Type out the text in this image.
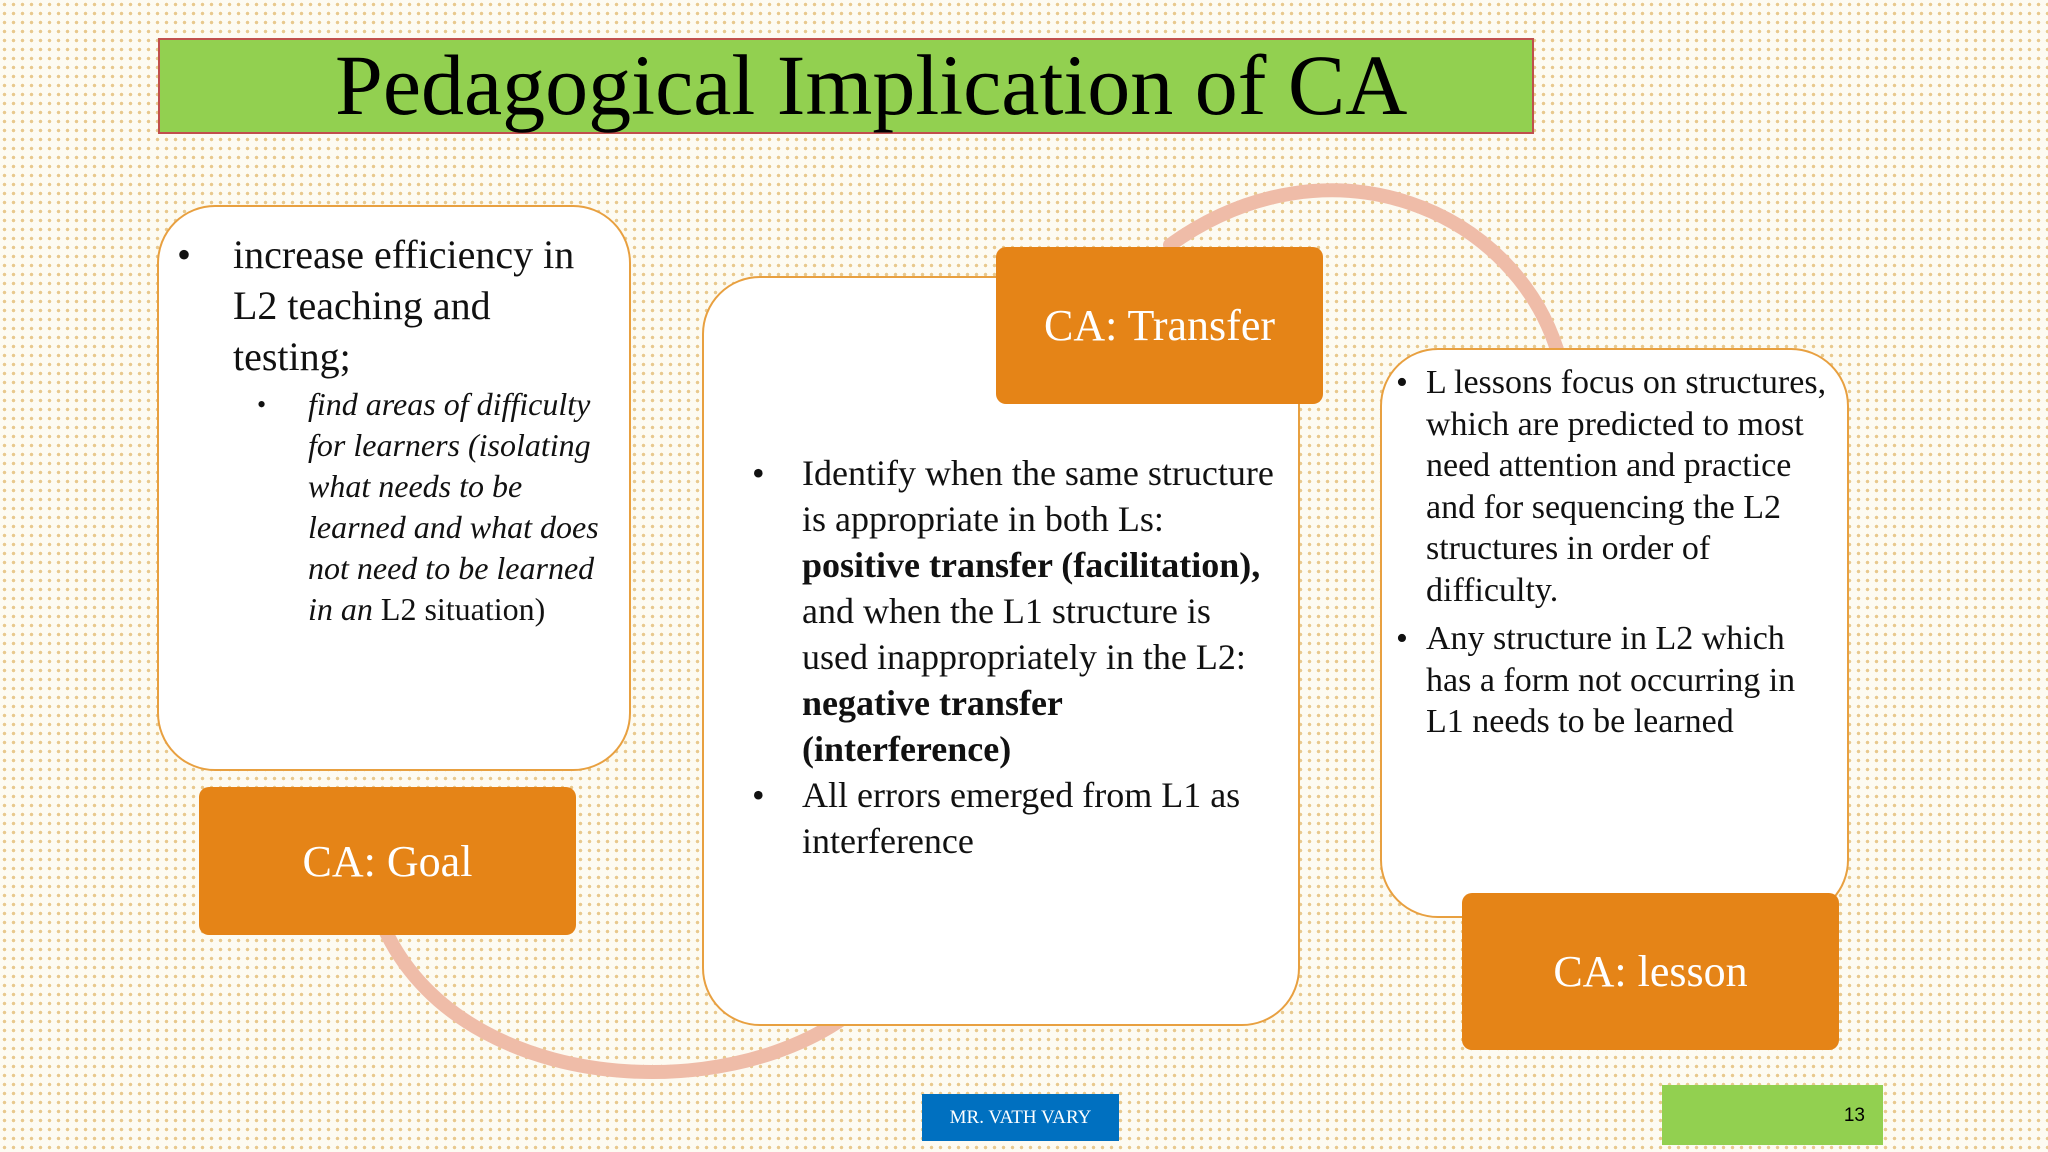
Pedagogical Implication of CA
• increase efficiency in L2 teaching and testing;
• find areas of difficulty for learners (isolating what needs to be learned and what does not need to be learned in an L2 situation)
CA: Goal
• Identify when the same structure is appropriate in both Ls: positive transfer (facilitation), and when the L1 structure is used inappropriately in the L2: negative transfer (interference)
• All errors emerged from L1 as interference
CA: Transfer
• L lessons focus on structures, which are predicted to most need attention and practice and for sequencing the L2 structures in order of difficulty.
• Any structure in L2 which has a form not occurring in L1 needs to be learned
CA: lesson
MR. VATH VARY	13
